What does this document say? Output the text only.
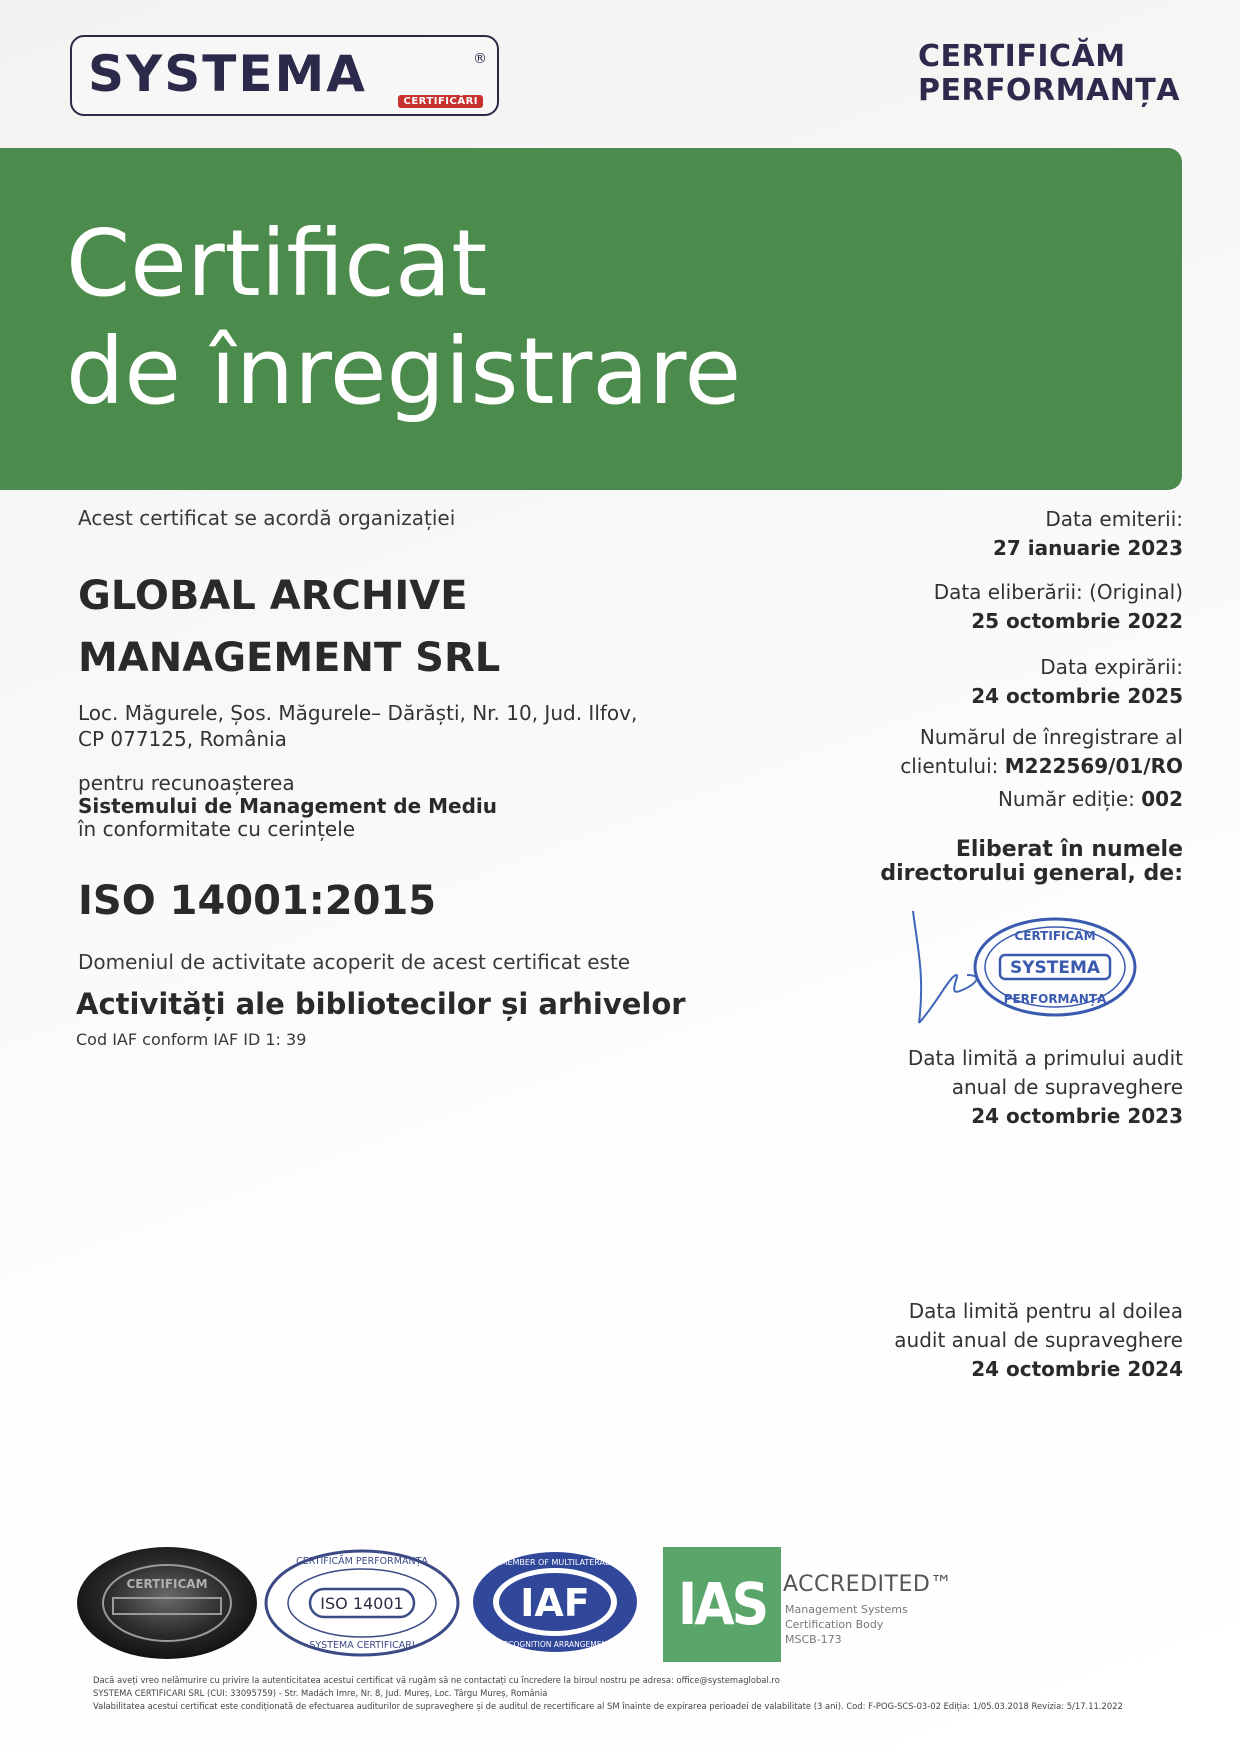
SYSTEMA	®
CERTIFICĂRI
CERTIFICĂM
PERFORMANȚA
Certificat
de înregistrare
Acest certificat se acordă organizației
GLOBAL ARCHIVE
MANAGEMENT SRL
Loc. Măgurele, Șos. Măgurele– Dărăști, Nr. 10, Jud. Ilfov,
CP 077125, România
pentru recunoașterea
Sistemului de Management de Mediu
în conformitate cu cerințele
ISO 14001:2015
Domeniul de activitate acoperit de acest certificat este
Activități ale bibliotecilor și arhivelor
Cod IAF conform IAF ID 1: 39
Data emiterii:
27 ianuarie 2023
Data eliberării: (Original)
25 octombrie 2022
Data expirării:
24 octombrie 2025
Numărul de înregistrare al
clientului: M222569/01/RO
Număr ediție: 002
Eliberat în numele
directorului general, de:
SYSTEMA
CERTIFICĂM
PERFORMANȚA
Data limită a primului audit
anual de supraveghere
24 octombrie 2023
Data limită pentru al doilea
audit anual de supraveghere
24 octombrie 2024
CERTIFICAM
ISO 14001
CERTIFICĂM PERFORMANȚA
SYSTEMA CERTIFICARI
IAF
MEMBER OF MULTILATERAL
RECOGNITION ARRANGEMENT
IAS ACCREDITED™
Management Systems
Certification Body
MSCB-173
Dacă aveți vreo nelămurire cu privire la autenticitatea acestui certificat vă rugăm să ne contactați cu încredere la biroul nostru pe adresa: office@systemaglobal.ro
SYSTEMA CERTIFICARI SRL (CUI: 33095759) - Str. Madách Imre, Nr. 8, Jud. Mureș, Loc. Târgu Mureș, România
Valabilitatea acestui certificat este condiționată de efectuarea auditurilor de supraveghere și de auditul de recertificare al SM înainte de expirarea perioadei de valabilitate (3 ani). Cod: F-POG-SCS-03-02 Ediția: 1/05.03.2018 Revizia: 5/17.11.2022
